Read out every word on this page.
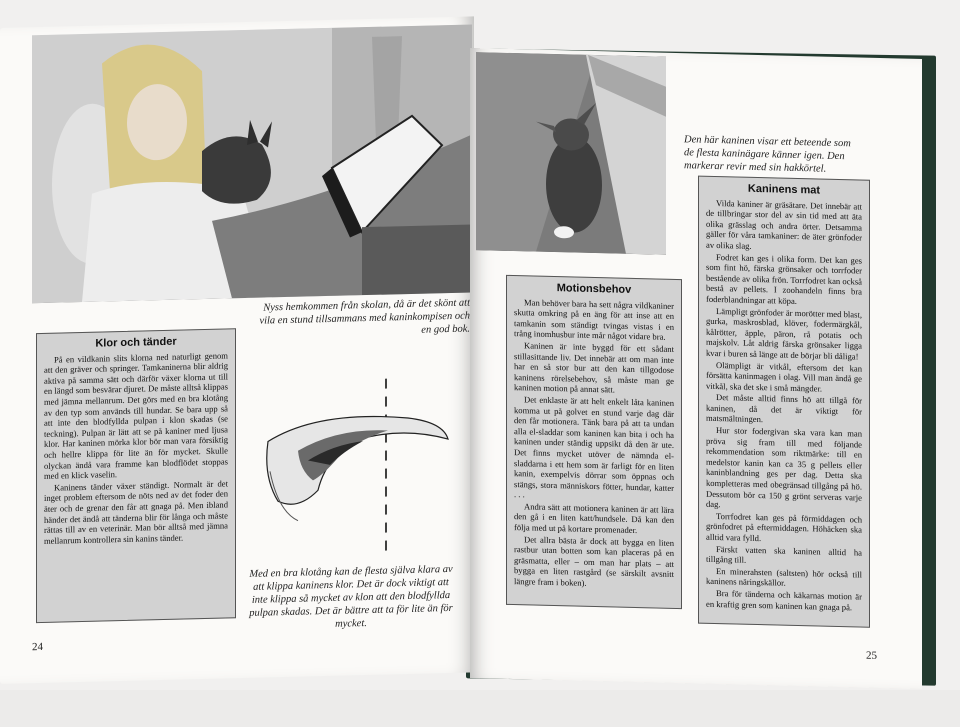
Nyss hemkommen från skolan, då är det skönt att vila en stund tillsammans med kaninkompisen och en god bok.
Klor och tänder

På en vildkanin slits klorna ned naturligt genom att den gräver och springer. Tamkaninerna blir aldrig aktiva på samma sätt och därför växer klorna ut till en längd som besvärar djuret. De måste alltså klippas med jämna mellanrum. Det görs med en bra klotång av den typ som används till hundar. Se bara upp så att inte den blodfyllda pulpan i klon skadas (se teckning). Pulpan är lätt att se på kaniner med ljusa klor. Har kaninen mörka klor bör man vara försiktig och hellre klippa för lite än för mycket. Skulle olyckan ändå vara framme kan blodflödet stoppas med en klick vaselin.

Kaninens tänder växer ständigt. Normalt är det inget problem eftersom de nöts ned av det foder den äter och de grenar den får att gnaga på. Men ibland händer det ändå att tänderna blir för långa och måste rättas till av en veterinär. Man bör alltså med jämna mellanrum kontrollera sin kanins tänder.

Med en bra klotång kan de flesta själva klara av att klippa kaninens klor. Det är dock viktigt att inte klippa så mycket av klon att den blodfyllda pulpan skadas. Det är bättre att ta för lite än för mycket.
24
Den här kaninen visar ett beteende som de flesta kaninägare känner igen. Den markerar revir med sin hakkörtel.
Motionsbehov

Man behöver bara ha sett några vildkaniner skutta omkring på en äng för att inse att en tamkanin som ständigt tvingas vistas i en trång inomhusbur inte mår något vidare bra.

Kaninen är inte byggd för ett sådant stillasittande liv. Det innebär att om man inte har en så stor bur att den kan tillgodose kaninens rörelsebehov, så måste man ge kaninen motion på annat sätt.

Det enklaste är att helt enkelt låta kaninen komma ut på golvet en stund varje dag där den får motionera. Tänk bara på att ta undan alla el-sladdar som kaninen kan bita i och ha kaninen under ständig uppsikt då den är ute. Det finns mycket utöver de nämnda el-sladdarna i ett hem som är farligt för en liten kanin, exempelvis dörrar som öppnas och stängs, stora människors fötter, hundar, katter . . .

Andra sätt att motionera kaninen är att lära den gå i en liten katt/hundsele. Då kan den följa med ut på kortare promenader.

Det allra bästa är dock att bygga en liten rastbur utan botten som kan placeras på en gräsmatta, eller – om man har plats – att bygga en liten rastgård (se särskilt avsnitt längre fram i boken).

Kaninens mat

Vilda kaniner är gräsätare. Det innebär att de tillbringar stor del av sin tid med att äta olika grässlag och andra örter. Detsamma gäller för våra tamkaniner: de äter grönfoder av olika slag.

Fodret kan ges i olika form. Det kan ges som fint hö, färska grönsaker och torrfoder bestående av olika frön. Torrfodret kan också bestå av pellets. I zoohandeln finns bra foderblandningar att köpa.

Lämpligt grönfoder är morötter med blast, gurka, maskrosblad, klöver, fodermärgkål, kålrötter, äpple, päron, rå potatis och majskolv. Låt aldrig färska grönsaker ligga kvar i buren så länge att de börjar bli dåliga!

Olämpligt är vitkål, eftersom det kan försätta kaninmagen i olag. Vill man ändå ge vitkål, ska det ske i små mängder.

Det måste alltid finns hö att tillgå för kaninen, då det är viktigt för matsmältningen.

Hur stor fodergivan ska vara kan man pröva sig fram till med följande rekommendation som riktmärke: till en medelstor kanin kan ca 35 g pellets eller kaninblandning ges per dag. Detta ska kompletteras med obegränsad tillgång på hö. Dessutom bör ca 150 g grönt serveras varje dag.

Torrfodret kan ges på förmiddagen och grönfodret på eftermiddagen. Höhäcken ska alltid vara fylld.

Färskt vatten ska kaninen alltid ha tillgång till.

En minerahsten (saltsten) hör också till kaninens näringskällor.

Bra för tänderna och käkarnas motion är en kraftig gren som kaninen kan gnaga på.

25
